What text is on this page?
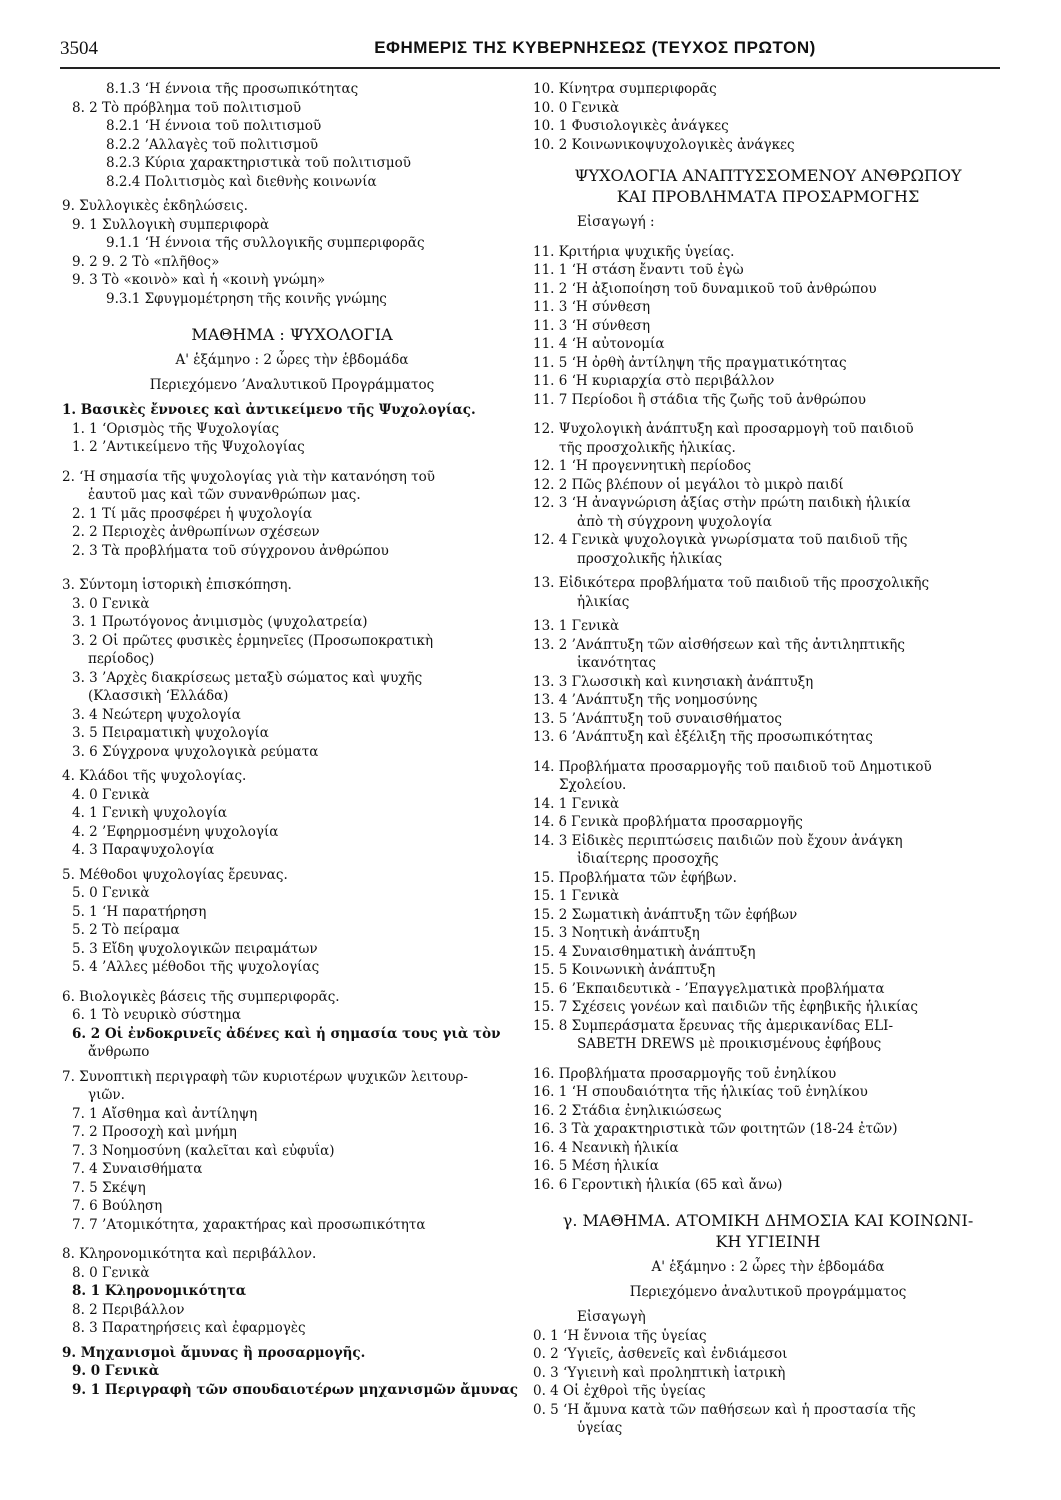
3504	ΕΦΗΜΕΡΙΣ ΤΗΣ ΚΥΒΕΡΝΗΣΕΩΣ (ΤΕΥΧΟΣ ΠΡΩΤΟΝ)
8.1.3 ‘Η έννοια τῆς προσωπικότητας
8. 2 Τὸ πρόβλημα τοῦ πολιτισμοῦ
8.2.1 ‘Η έννοια τοῦ πολιτισμοῦ
8.2.2 ’Αλλαγὲς τοῦ πολιτισμοῦ
8.2.3 Κύρια χαρακτηριστικὰ τοῦ πολιτισμοῦ
8.2.4 Πολιτισμὸς καὶ διεθνὴς κοινωνία
9. Συλλογικὲς ἐκδηλώσεις.
9. 1 Συλλογικὴ συμπεριφορὰ
9.1.1 ‘Η έννοια τῆς συλλογικῆς συμπεριφορᾶς
9. 2 9. 2 Τὸ «πλῆθος»
9. 3 Τὸ «κοινὸ» καὶ ἡ «κοινὴ γνώμη»
9.3.1 Σφυγμομέτρηση τῆς κοινῆς γνώμης
ΜΑΘΗΜΑ : ΨΥΧΟΛΟΓΙΑ
Α' ἑξάμηνο : 2 ὧρες τὴν ἑβδομάδα
Περιεχόμενο ’Αναλυτικοῦ Προγράμματος
1. Βασικὲς ἔννοιες καὶ ἀντικείμενο τῆς Ψυχολογίας.
1. 1 ‘Ορισμὸς τῆς Ψυχολογίας
1. 2 ’Αντικείμενο τῆς Ψυχολογίας
2. ‘Η σημασία τῆς ψυχολογίας γιὰ τὴν κατανόηση τοῦ
ἑαυτοῦ μας καὶ τῶν συνανθρώπων μας.
2. 1 Τί μᾶς προσφέρει ἡ ψυχολογία
2. 2 Περιοχὲς ἀνθρωπίνων σχέσεων
2. 3 Τὰ προβλήματα τοῦ σύγχρονου ἀνθρώπου
3. Σύντομη ἱστορικὴ ἐπισκόπηση.
3. 0 Γενικὰ
3. 1 Πρωτόγονος ἀνιμισμὸς (ψυχολατρεία)
3. 2 Οἱ πρῶτες φυσικὲς ἑρμηνεῖες (Προσωποκρατικὴ
περίοδος)
3. 3 ’Αρχὲς διακρίσεως μεταξὺ σώματος καὶ ψυχῆς
(Κλασσικὴ ‘Ελλάδα)
3. 4 Νεώτερη ψυχολογία
3. 5 Πειραματικὴ ψυχολογία
3. 6 Σύγχρονα ψυχολογικὰ ρεύματα
4. Κλάδοι τῆς ψυχολογίας.
4. 0 Γενικὰ
4. 1 Γενικὴ ψυχολογία
4. 2 ’Εφηρμοσμένη ψυχολογία
4. 3 Παραψυχολογία
5. Μέθοδοι ψυχολογίας ἔρευνας.
5. 0 Γενικὰ
5. 1 ‘Η παρατήρηση
5. 2 Τὸ πείραμα
5. 3 Εἴδη ψυχολογικῶν πειραμάτων
5. 4 ’Αλλες μέθοδοι τῆς ψυχολογίας
6. Βιολογικὲς βάσεις τῆς συμπεριφορᾶς.
6. 1 Τὸ νευρικὸ σύστημα
6. 2 Οἱ ἐνδοκρινεῖς ἀδένες καὶ ἡ σημασία τους γιὰ τὸν
ἄνθρωπο
7. Συνοπτικὴ περιγραφὴ τῶν κυριοτέρων ψυχικῶν λειτουρ-
γιῶν.
7. 1 Αἴσθημα καὶ ἀντίληψη
7. 2 Προσοχὴ καὶ μνήμη
7. 3 Νοημοσύνη (καλεῖται καὶ εὐφυΐα)
7. 4 Συναισθήματα
7. 5 Σκέψη
7. 6 Βούληση
7. 7 ’Ατομικότητα, χαρακτήρας καὶ προσωπικότητα
8. Κληρονομικότητα καὶ περιβάλλον.
8. 0 Γενικὰ
8. 1 Κληρονομικότητα
8. 2 Περιβάλλον
8. 3 Παρατηρήσεις καὶ ἐφαρμογὲς
9. Μηχανισμοὶ ἄμυνας ἢ προσαρμογῆς.
9. 0 Γενικὰ
9. 1 Περιγραφὴ τῶν σπουδαιοτέρων μηχανισμῶν ἄμυνας
10. Κίνητρα συμπεριφορᾶς
10. 0 Γενικὰ
10. 1 Φυσιολογικὲς ἀνάγκες
10. 2 Κοινωνικοψυχολογικὲς ἀνάγκες
ΨΥΧΟΛΟΓΙΑ ΑΝΑΠΤΥΣΣΟΜΕΝΟΥ ΑΝΘΡΩΠΟΥ
ΚΑΙ ΠΡΟΒΛΗΜΑΤΑ ΠΡΟΣΑΡΜΟΓΗΣ
Εἰσαγωγή :
11. Κριτήρια ψυχικῆς ὑγείας.
11. 1 ‘Η στάση ἔναντι τοῦ ἐγὼ
11. 2 ‘Η ἀξιοποίηση τοῦ δυναμικοῦ τοῦ ἀνθρώπου
11. 3 ‘Η σύνθεση
11. 3 ‘Η σύνθεση
11. 4 ‘Η αὐτονομία
11. 5 ‘Η ὀρθὴ ἀντίληψη τῆς πραγματικότητας
11. 6 ‘Η κυριαρχία στὸ περιβάλλον
11. 7 Περίοδοι ἢ στάδια τῆς ζωῆς τοῦ ἀνθρώπου
12. Ψυχολογικὴ ἀνάπτυξη καὶ προσαρμογὴ τοῦ παιδιοῦ
τῆς προσχολικῆς ἡλικίας.
12. 1 ‘Η προγεννητικὴ περίοδος
12. 2 Πῶς βλέπουν οἱ μεγάλοι τὸ μικρὸ παιδί
12. 3 ‘Η ἀναγνώριση ἀξίας στὴν πρώτη παιδικὴ ἡλικία
ἀπὸ τὴ σύγχρονη ψυχολογία
12. 4 Γενικὰ ψυχολογικὰ γνωρίσματα τοῦ παιδιοῦ τῆς
προσχολικῆς ἡλικίας
13. Εἰδικότερα προβλήματα τοῦ παιδιοῦ τῆς προσχολικῆς
ἡλικίας
13. 1 Γενικὰ
13. 2 ’Ανάπτυξη τῶν αἰσθήσεων καὶ τῆς ἀντιληπτικῆς
ἱκανότητας
13. 3 Γλωσσικὴ καὶ κινησιακὴ ἀνάπτυξη
13. 4 ’Ανάπτυξη τῆς νοημοσύνης
13. 5 ’Ανάπτυξη τοῦ συναισθήματος
13. 6 ’Ανάπτυξη καὶ ἐξέλιξη τῆς προσωπικότητας
14. Προβλήματα προσαρμογῆς τοῦ παιδιοῦ τοῦ Δημοτικοῦ
Σχολείου.
14. 1 Γενικὰ
14. δ Γενικὰ προβλήματα προσαρμογῆς
14. 3 Εἰδικὲς περιπτώσεις παιδιῶν ποὺ ἔχουν ἀνάγκη
ἰδιαίτερης προσοχῆς
15. Προβλήματα τῶν ἐφήβων.
15. 1 Γενικὰ
15. 2 Σωματικὴ ἀνάπτυξη τῶν ἐφήβων
15. 3 Νοητικὴ ἀνάπτυξη
15. 4 Συναισθηματικὴ ἀνάπτυξη
15. 5 Κοινωνικὴ ἀνάπτυξη
15. 6 ’Εκπαιδευτικὰ - ’Επαγγελματικὰ προβλήματα
15. 7 Σχέσεις γονέων καὶ παιδιῶν τῆς ἐφηβικῆς ἡλικίας
15. 8 Συμπεράσματα ἔρευνας τῆς ἀμερικανίδας ELI-
SABETH DREWS μὲ προικισμένους ἐφήβους
16. Προβλήματα προσαρμογῆς τοῦ ἐνηλίκου
16. 1 ‘Η σπουδαιότητα τῆς ἡλικίας τοῦ ἐνηλίκου
16. 2 Στάδια ἐνηλικιώσεως
16. 3 Τὰ χαρακτηριστικὰ τῶν φοιτητῶν (18-24 ἐτῶν)
16. 4 Νεανικὴ ἡλικία
16. 5 Μέση ἡλικία
16. 6 Γεροντικὴ ἡλικία (65 καὶ ἄνω)
γ. ΜΑΘΗΜΑ. ΑΤΟΜΙΚΗ ΔΗΜΟΣΙΑ ΚΑΙ ΚΟΙΝΩΝΙ-
ΚΗ ΥΓΙΕΙΝΗ
Α' ἑξάμηνο : 2 ὧρες τὴν ἑβδομάδα
Περιεχόμενο ἀναλυτικοῦ προγράμματος
Εἰσαγωγὴ
0. 1 ‘Η ἔννοια τῆς ὑγείας
0. 2 ‘Υγιεῖς, ἀσθενεῖς καὶ ἐνδιάμεσοι
0. 3 ‘Υγιεινὴ καὶ προληπτικὴ ἰατρικὴ
0. 4 Οἱ ἐχθροὶ τῆς ὑγείας
0. 5 ‘Η ἄμυνα κατὰ τῶν παθήσεων καὶ ἡ προστασία τῆς
ὑγείας
